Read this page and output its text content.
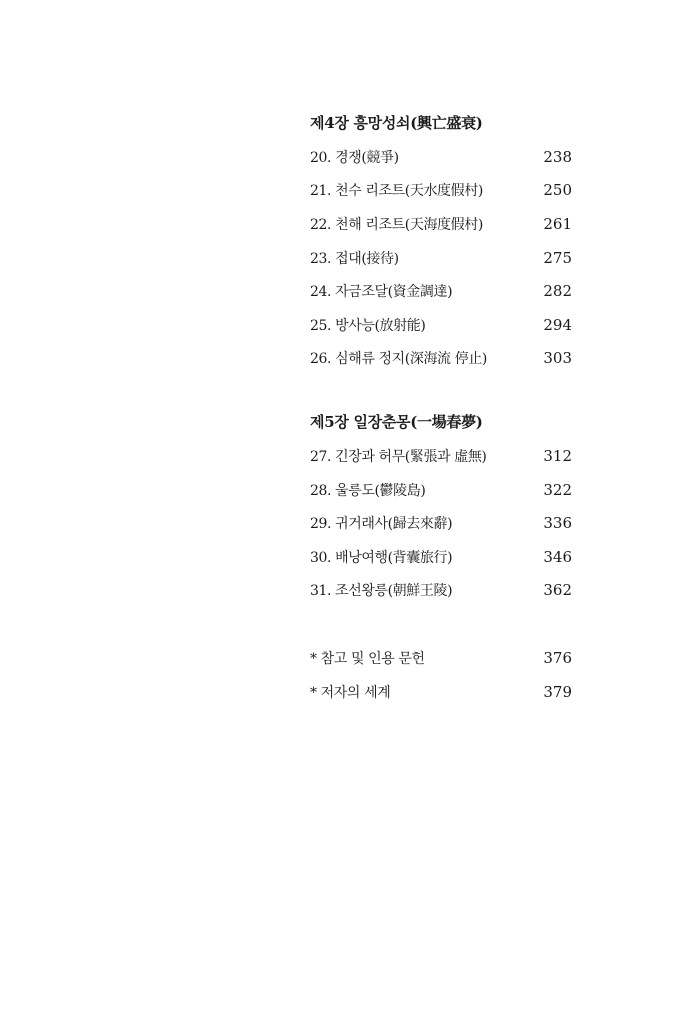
제4장 흥망성쇠(興亡盛衰)
20. 경쟁(競爭)	238
21. 천수 리조트(天水度假村)	250
22. 천해 리조트(天海度假村)	261
23. 접대(接待)	275
24. 자금조달(資金調達)	282
25. 방사능(放射能)	294
26. 심해류 정지(深海流 停止)	303
제5장 일장춘몽(一場春夢)
27. 긴장과 허무(緊張과 虛無)	312
28. 울릉도(鬱陵島)	322
29. 귀거래사(歸去來辭)	336
30. 배낭여행(背囊旅行)	346
31. 조선왕릉(朝鮮王陵)	362
* 참고 및 인용 문헌	376
* 저자의 세계	379
